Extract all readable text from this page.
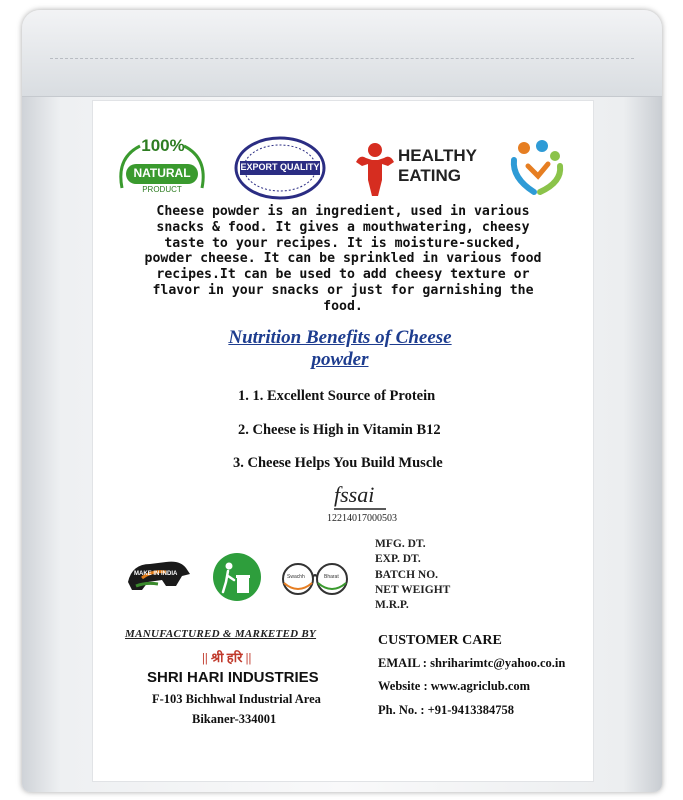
100%
NATURAL
PRODUCT
EXPORT QUALITY
HEALTHY
EATING
Cheese powder is an ingredient, used in various
snacks & food. It gives a mouthwatering, cheesy
taste to your recipes. It is moisture-sucked,
powder cheese. It can be sprinkled in various food
recipes.It can be used to add cheesy texture or
flavor in your snacks or just for garnishing the
food.
Nutrition Benefits of Cheese
powder
1. 1. Excellent Source of Protein
2. Cheese is High in Vitamin B12
3. Cheese Helps You Build Muscle
fssai
12214017000503
MAKE IN INDIA	Swachh	Bharat
MFG. DT.
EXP. DT.
BATCH NO.
NET WEIGHT
M.R.P.
MANUFACTURED & MARKETED BY
|| श्री हरि ||
SHRI HARI INDUSTRIES
F-103 Bichhwal Industrial Area
Bikaner-334001
CUSTOMER CARE
EMAIL : shriharimtc@yahoo.co.in
Website : www.agriclub.com
Ph. No. : +91-9413384758
